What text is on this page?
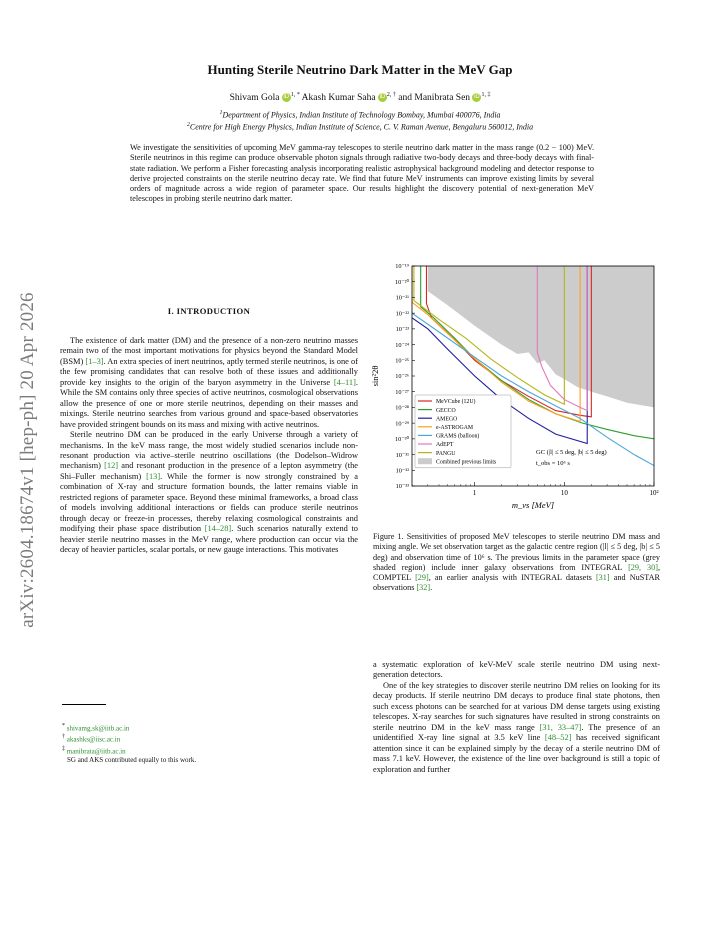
arXiv:2604.18674v1 [hep-ph] 20 Apr 2026
Hunting Sterile Neutrino Dark Matter in the MeV Gap
Shivam Gola iD $^{1, *}$ Akash Kumar Saha iD $^{2, \dagger}$ and Manibrata Sen iD $^{1, \ddagger}$
$^1$Department of Physics, Indian Institute of Technology Bombay, Mumbai 400076, India
$^2$Centre for High Energy Physics, Indian Institute of Science, C. V. Raman Avenue, Bengaluru 560012, India
We investigate the sensitivities of upcoming MeV gamma-ray telescopes to sterile neutrino dark matter in the mass range (0.2 − 100) MeV. Sterile neutrinos in this regime can produce observable photon signals through radiative two-body decays and three-body decays with final-state radiation. We perform a Fisher forecasting analysis incorporating realistic astrophysical background modeling and detector response to derive projected constraints on the sterile neutrino decay rate. We find that future MeV instruments can improve existing limits by several orders of magnitude across a wide region of parameter space. Our results highlight the discovery potential of next-generation MeV telescopes in probing sterile neutrino dark matter.
I. INTRODUCTION

The existence of dark matter (DM) and the presence of a non-zero neutrino masses remain two of the most important motivations for physics beyond the Standard Model (BSM) [1–3]. An extra species of inert neutrinos, aptly termed sterile neutrinos, is one of the few promising candidates that can resolve both of these issues and additionally provide key insights to the origin of the baryon asymmetry in the Universe [4–11]. While the SM contains only three species of active neutrinos, cosmological observations allow the presence of one or more sterile neutrinos, depending on their masses and mixings. Sterile neutrino searches from various ground and space-based observatories have provided stringent bounds on its mass and mixing with active neutrinos.

Sterile neutrino DM can be produced in the early Universe through a variety of mechanisms. In the keV mass range, the most widely studied scenarios include non-resonant production via active–sterile neutrino oscillations (the Dodelson–Widrow mechanism) [12] and resonant production in the presence of a lepton asymmetry (the Shi–Fuller mechanism) [13]. While the former is now strongly constrained by a combination of X-ray and structure formation bounds, the latter remains viable in restricted regions of parameter space. Beyond these minimal frameworks, a broad class of models involving additional interactions or fields can produce sterile neutrinos through decay or freeze-in processes, thereby relaxing cosmological constraints and modifying their phase space distribution [14–28]. Such scenarios naturally extend to heavier sterile neutrino masses in the MeV range, where production can occur via the decay of heavier particles, scalar portals, or new gauge interactions. This motivates

* shivamg.sk@iitb.ac.in
† akashks@iisc.ac.in
‡ manibrata@iitb.ac.in
SG and AKS contributed equally to this work.
10⁻¹⁹
10⁻²⁰
10⁻²¹
10⁻²²
10⁻²³
10⁻²⁴
10⁻²⁵
10⁻²⁶
10⁻²⁷
10⁻²⁸
10⁻²⁹
10⁻³⁰
10⁻³¹
10⁻³²
10⁻³³
1	10	10²
MeVCube (12U)
GECCO
AMEGO
e-ASTROGAM
GRAMS (balloon)
AdEPT
PANGU
Combined previous limits
GC (|l| ≤ 5 deg, |b| ≤ 5 deg)
t_obs = 10⁶ s
m_νs [MeV]
sin²2θ
Figure 1. Sensitivities of proposed MeV telescopes to sterile neutrino DM mass and mixing angle. We set observation target as the galactic centre region (|l| ≤ 5 deg, |b| ≤ 5 deg) and observation time of 10⁶ s. The previous limits in the parameter space (grey shaded region) include inner galaxy observations from INTEGRAL [29, 30], COMPTEL [29], an earlier analysis with INTEGRAL datasets [31] and NuSTAR observations [32].

a systematic exploration of keV-MeV scale sterile neutrino DM using next-generation detectors.

One of the key strategies to discover sterile neutrino DM relies on looking for its decay products. If sterile neutrino DM decays to produce final state photons, then such excess photons can be searched for at various DM dense targets using existing telescopes. X-ray searches for such signatures have resulted in strong constraints on sterile neutrino DM in the keV mass range [31, 33–47]. The presence of an unidentified X-ray line signal at 3.5 keV line [48–52] has received significant attention since it can be explained simply by the decay of a sterile neutrino DM of mass 7.1 keV. However, the existence of the line over background is still a topic of exploration and further
